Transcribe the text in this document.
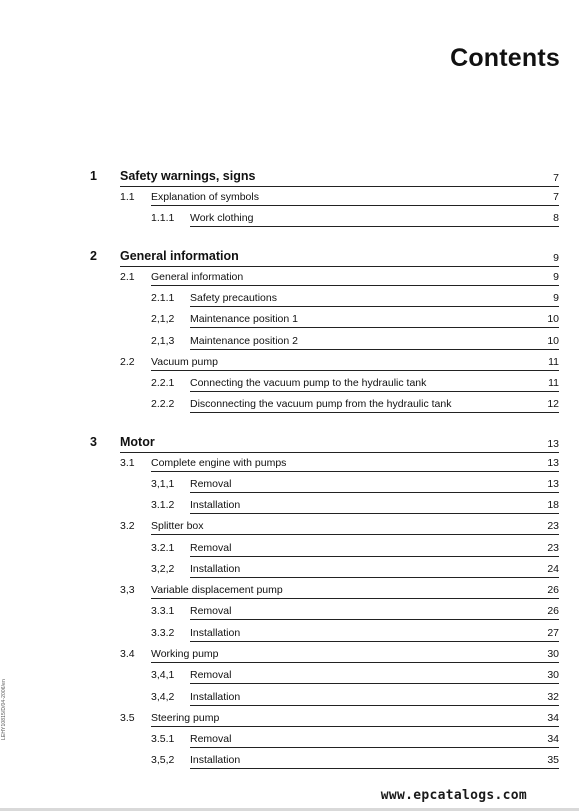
Contents
1 Safety warnings, signs	7
1.1 Explanation of symbols	7
1.1.1 Work clothing	8
2 General information	9
2.1 General information	9
2.1.1 Safety precautions	9
2,1,2 Maintenance position 1	10
2,1,3 Maintenance position 2	10
2.2 Vacuum pump	11
2.2.1 Connecting the vacuum pump to the hydraulic tank	11
2.2.2 Disconnecting the vacuum pump from the hydraulic tank	12
3 Motor	13
3.1 Complete engine with pumps	13
3,1,1 Removal	13
3.1.2 Installation	18
3.2 Splitter box	23
3.2.1 Removal	23
3,2,2 Installation	24
3,3 Variable displacement pump	26
3.3.1 Removal	26
3.3.2 Installation	27
3.4 Working pump	30
3,4,1 Removal	30
3,4,2 Installation	32
3.5 Steering pump	34
3.5.1 Removal	34
3,5,2 Installation	35
LEHY10815/D/04-2006/en
www.epcatalogs.com
